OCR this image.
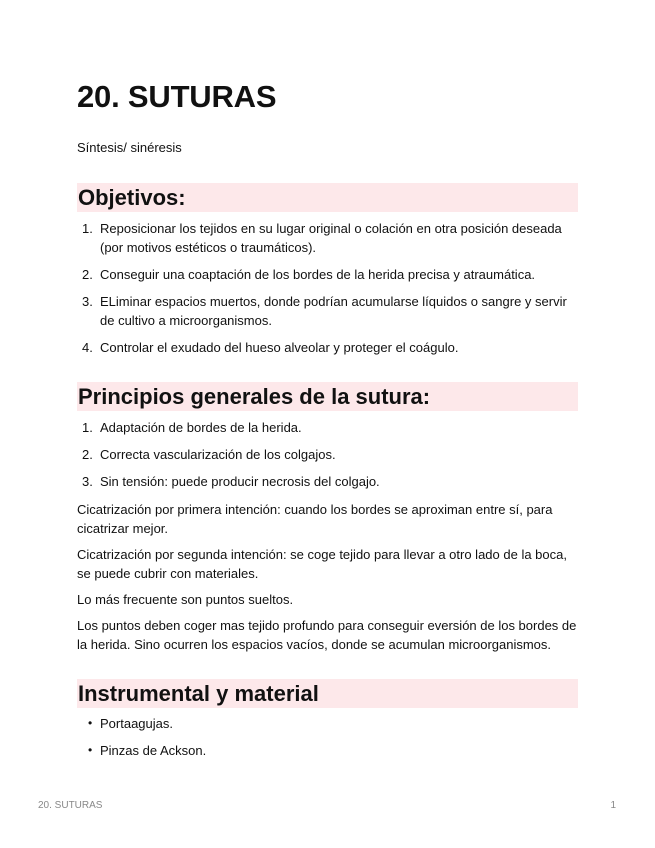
20. SUTURAS

Síntesis/ sinéresis

Objetivos:
1. Reposicionar los tejidos en su lugar original o colación en otra posición deseada (por motivos estéticos o traumáticos).
2. Conseguir una coaptación de los bordes de la herida precisa y atraumática.
3. ELiminar espacios muertos, donde podrían acumularse líquidos o sangre y servir de cultivo a microorganismos.
4. Controlar el exudado del hueso alveolar y proteger el coágulo.
Principios generales de la sutura:
1. Adaptación de bordes de la herida.
2. Correcta vascularización de los colgajos.
3. Sin tensión: puede producir necrosis del colgajo.

Cicatrización por primera intención: cuando los bordes se aproximan entre sí, para cicatrizar mejor.

Cicatrización por segunda intención: se coge tejido para llevar a otro lado de la boca, se puede cubrir con materiales.

Lo más frecuente son puntos sueltos.

Los puntos deben coger mas tejido profundo para conseguir eversión de los bordes de la herida. Sino ocurren los espacios vacíos, donde se acumulan microorganismos.

Instrumental y material
• Portaagujas.
• Pinzas de Ackson.
20. SUTURAS	1
